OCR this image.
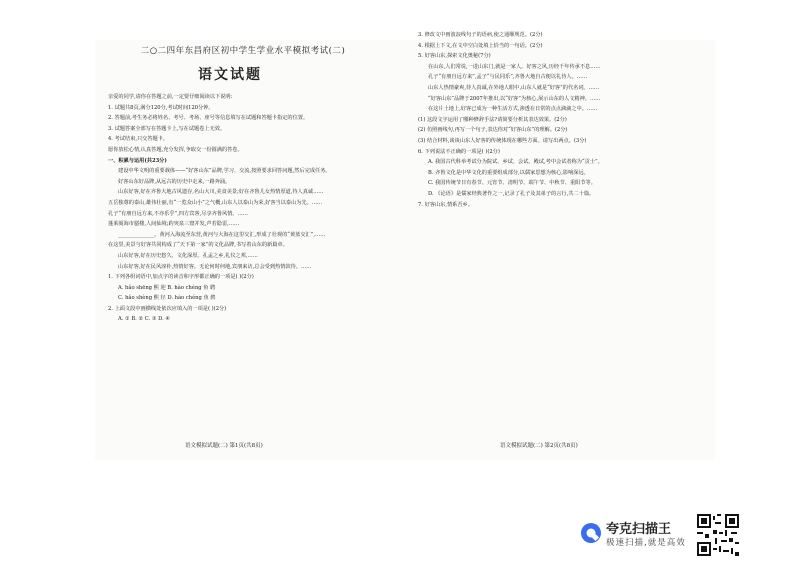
二○二四年东昌府区初中学生学业水平模拟考试(二)
语文试题
亲爱的同学,请你在答题之前,一定要仔细阅读以下说明:
1. 试题共8页,满分120分,考试时间120分钟。
2. 答题前,考生务必将姓名、考号、考场、座号等信息填写在试题和答题卡指定的位置。
3. 试题答案全部写在答题卡上,写在试题卷上无效。
4. 考试结束,只交答题卡。
愿你放松心情,认真答题,充分发挥,争取交一份圆满的答卷。
一、积累与运用(共23分)
建设中华文明的重要载体——“好客山东”品牌,学习、交流,按照要求回答问题,然后完成任务。
好客山东好品牌,从远古的历史中走来,一路奔涌。
山东好客,好在齐鲁大地古风遗存,名山大川,美食美景;好在齐鲁儿女热情厚道,待人真诚……
五岳独尊的泰山,雄伟壮丽,有“一览众山小”之气概,山东人以泰山为荣,好客当以泰山为先。……
孔子“有朋自远方来,不亦乐乎”,四方宾客,尽享齐鲁风情。……
蓬莱阁海市蜃楼,人间仙境;趵突泉三窟并发,声若隐雷,……
______________。黄河入海流至东营,黄河与大海在这里交汇,形成了壮观的“黄蓝交汇”,……
在这里,美景与好客共同构成了“天下第一家”的文化品牌,书写着山东的新篇章。
山东好客,好在历史悠久、文化深厚。孔孟之乡,礼仪之邦,……
山东好客,好在民风淳朴,热情好客。无论何时何地,宾朋来访,总会受到热情款待。……
1. 下列各组词语中,加点字的读音和字形都正确的一项是( )(2分)
A. hǎo shēng 熙 迎 B. hào chéng 鱼 聘
C. hǎo shèng 熙 径 D. hào chéng 鱼 骋
2. 上面文段中画横线处依次应填入的一项是( )(2分)
A. ① B. ② C. ③ D. ④
3. 修改文中画波浪线句子的语病,使之通顺规范。(2分)
4. 根据上下文,在文中空白处填上恰当的一句话。(2分)
5. 好客山东,探索文化奥秘(7分)
在山东,人们常说,一进山东门,就是一家人。好客之风,历经千年传承不息……
孔子“有朋自远方来”,孟子“与民同乐”,齐鲁大地自古便以礼待人。……
山东人热情豪爽,待人真诚,在外地人眼中,山东人就是“好客”的代名词。……
“好客山东”品牌于2007年推出,以“好客”为核心,展示山东的人文精神。……
在这片土地上,好客已成为一种生活方式,渗透在日常的点点滴滴之中。……
(1) 这段文字运用了哪种修辞手法?请简要分析其表达效果。(2分)
(2) 仿照画线句,再写一个句子,表达你对“好客山东”的理解。(2分)
(3) 结合材料,谈谈山东人好客的传统体现在哪些方面。请写出两点。(3分)
6. 下列说法不正确的一项是( )(2分)
A. 我国古代科举考试分为院试、乡试、会试、殿试,考中会试者称为“贡士”。
B. 齐鲁文化是中华文化的重要组成部分,以儒家思想为核心,影响深远。
C. 我国传统节日有春节、元宵节、清明节、端午节、中秋节、重阳节等。
D. 《论语》是儒家经典著作之一,记录了孔子及其弟子的言行,共二十篇。
7. 好客山东,情系吾乡。
语文模拟试题(二) 第1页(共8页)	语文模拟试题(二) 第2页(共8页)
夸克扫描王
极速扫描,就是高效
